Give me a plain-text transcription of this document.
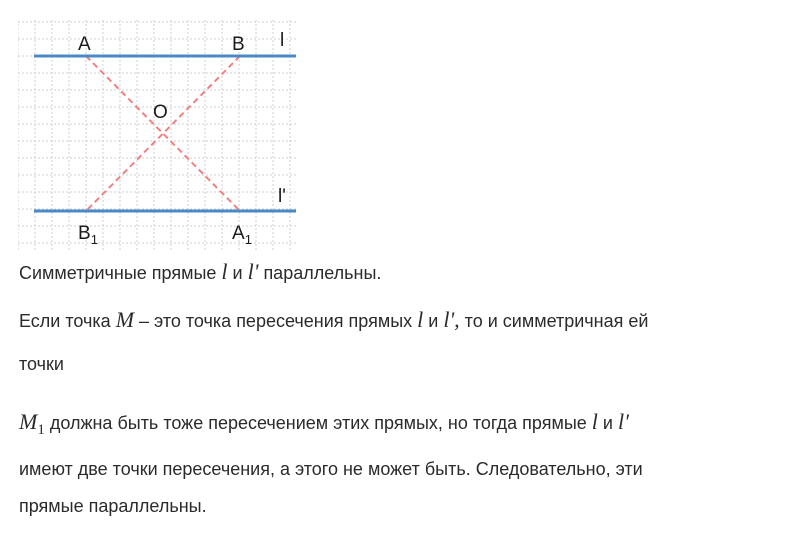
A	B l
O
l'
$B_1$	$A_1$
Симметричные прямые l и l' параллельны.
Если точка M – это точка пересечения прямых l и l', то и симметричная ей
точки
$M_1$ должна быть тоже пересечением этих прямых, но тогда прямые l и l'
имеют две точки пересечения, а этого не может быть. Следовательно, эти
прямые параллельны.
